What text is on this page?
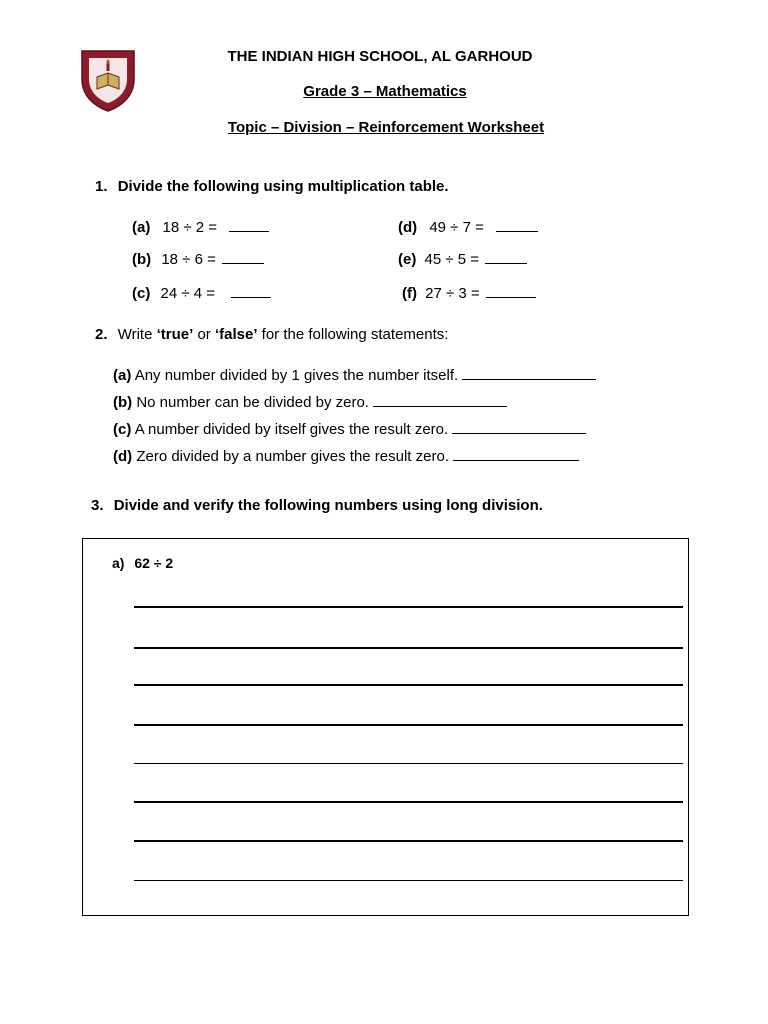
THE INDIAN HIGH SCHOOL, AL GARHOUD
Grade 3 – Mathematics
Topic – Division – Reinforcement Worksheet
1. Divide the following using multiplication table.
(a) 18 ÷ 2 =
(b) 18 ÷ 6 =
(c) 24 ÷ 4 =
(d) 49 ÷ 7 =
(e) 45 ÷ 5 =
(f) 27 ÷ 3 =
2. Write ‘true’ or ‘false’ for the following statements:
(a) Any number divided by 1 gives the number itself.
(b) No number can be divided by zero.
(c) A number divided by itself gives the result zero.
(d) Zero divided by a number gives the result zero.
3. Divide and verify the following numbers using long division.
a) 62 ÷ 2
